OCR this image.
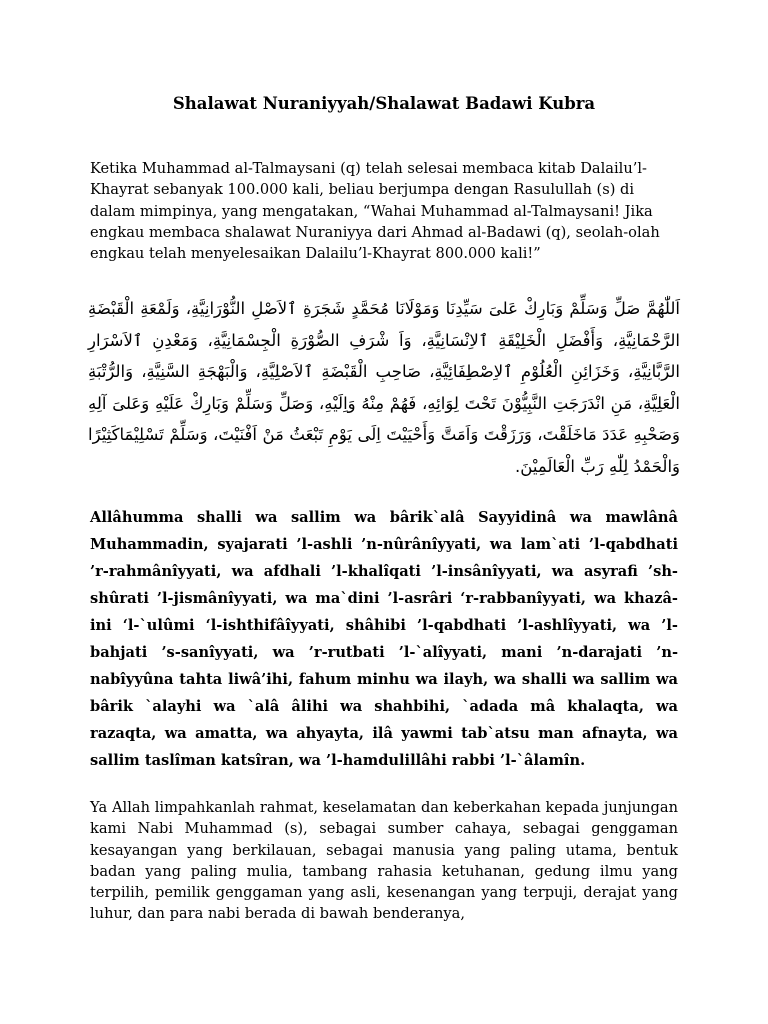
Shalawat Nuraniyyah/Shalawat Badawi Kubra

Ketika Muhammad al-Talmaysani (q) telah selesai membaca kitab Dalailu’l-Khayrat sebanyak 100.000 kali, beliau berjumpa dengan Rasulullah (s) di dalam mimpinya, yang mengatakan, “Wahai Muhammad al-Talmaysani! Jika engkau membaca shalawat Nuraniyya dari Ahmad al-Badawi (q), seolah-olah engkau telah menyelesaikan Dalailu’l-Khayrat 800.000 kali!”

اَللّٰهُمَّ صَلِّ وَسَلِّمْ وَبَارِكْ عَلىَ سَيِّدِنَا وَمَوْلَانَا مُحَمَّدٍ شَجَرَةِ ٱلاَصْلِ النُّوْرَانِيَّةِ، وَلَمْعَةِ الْقَبْضَةِ الرَّحْمَانِيَّةِ، وَأَفْضَلِ الْخَلِيْقَةِ ٱلاِنْسَانِيَّةِ، وَاَ شْرَفِ الصُّوْرَةِ الْجِسْمَانِيَّةِ، وَمَعْدِنِ ٱلاَسْرَارِ الرَّبَّانِيَّةِ، وَخَزَائِنِ الْعُلُوْمِ ٱلاِصْطِفَائِيَّةِ، صَاحِبِ الْقَبْضَةِ ٱلاَصْلِيَّةِ، وَالْبَهْجَةِ السَّنِيَّةِ، وَالرُّتْبَةِ الْعَلِيَّةِ، مَنِ انْدَرَجَتِ النَّبِيُّوْنَ تَحْتَ لِوَائِهِ، فَهُمْ مِنْهُ وَاِلَيْهِ، وَصَلِّ وَسَلِّمْ وَبَارِكْ عَلَيْهِ وَعَلىَ آلِهِ وَصَحْبِهِ عَدَدَ مَاخَلَقْتَ، وَرَزَقْتَ وَاَمَتَّ وَأَحْيَيْتَ اِلَى يَوْمِ تَبْعَثُ مَنْ اَفْنَيْتَ، وَسَلِّمْ تَسْلِيْمَاكَثِيْرًا وَالْحَمْدُ لِلّٰهِ رَبِّ الْعَالَمِيْنَ.

Allâhumma shalli wa sallim wa bârik`alâ Sayyidinâ wa mawlânâ Muhammadin, syajarati ’l-ashli ’n-nûrânîyyati, wa lam`ati ’l-qabdhati ’r-rahmânîyyati, wa afdhali ’l-khalîqati ’l-insânîyyati, wa asyrafi ’sh-shûrati ’l-jismânîyyati, wa ma`dini ’l-asrâri ‘r-rabbanîyyati, wa khazâ-ini ‘l-`ulûmi ‘l-ishthifâîyyati, shâhibi ’l-qabdhati ’l-ashlîyyati, wa ’l-bahjati ’s-sanîyyati, wa ’r-rutbati ’l-`alîyyati, mani ’n-darajati ’n-nabîyyûna tahta liwâ’ihi, fahum minhu wa ilayh, wa shalli wa sallim wa bârik `alayhi wa `alâ âlihi wa shahbihi, `adada mâ khalaqta, wa razaqta, wa amatta, wa ahyayta, ilâ yawmi tab`atsu man afnayta, wa sallim taslîman katsîran, wa ’l-hamdulillâhi rabbi ’l-`âlamîn.

Ya Allah limpahkanlah rahmat, keselamatan dan keberkahan kepada junjungan kami Nabi Muhammad (s), sebagai sumber cahaya, sebagai genggaman kesayangan yang berkilauan, sebagai manusia yang paling utama, bentuk badan yang paling mulia, tambang rahasia ketuhanan, gedung ilmu yang terpilih, pemilik genggaman yang asli, kesenangan yang terpuji, derajat yang luhur, dan para nabi berada di bawah benderanya,
